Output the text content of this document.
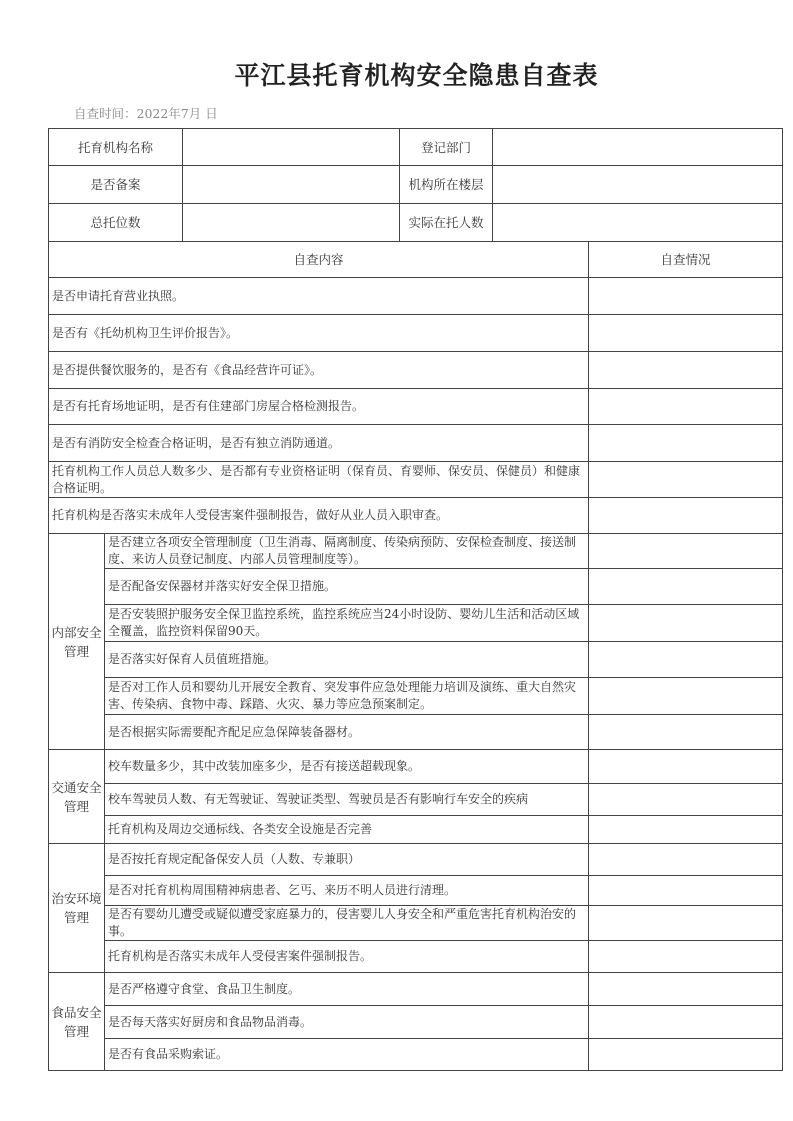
平江县托育机构安全隐患自查表
自查时间：2022年7月 日
托育机构名称			登记部门		
是否备案			机构所在楼层		
总托位数			实际在托人数		
自查内容					自查情况
是否申请托育营业执照。					
是否有《托幼机构卫生评价报告》。					
是否提供餐饮服务的，是否有《食品经营许可证》。					
是否有托育场地证明，是否有住建部门房屋合格检测报告。					
是否有消防安全检查合格证明，是否有独立消防通道。					
托育机构工作人员总人数多少、是否都有专业资格证明（保育员、育婴师、保安员、保健员）和健康合格证明。					
托育机构是否落实未成年人受侵害案件强制报告，做好从业人员入职审查。					
内部安全管理	是否建立各项安全管理制度（卫生消毒、隔离制度、传染病预防、安保检查制度、接送制度、来访人员登记制度、内部人员管理制度等）。				
	是否配备安保器材并落实好安全保卫措施。				
	是否安装照护服务安全保卫监控系统，监控系统应当24小时设防、婴幼儿生活和活动区域全覆盖，监控资料保留90天。				
	是否落实好保育人员值班措施。				
	是否对工作人员和婴幼儿开展安全教育、突发事件应急处理能力培训及演练、重大自然灾害、传染病、食物中毒、踩踏、火灾、暴力等应急预案制定。				
	是否根据实际需要配齐配足应急保障装备器材。				
交通安全管理	校车数量多少，其中改装加座多少，是否有接送超载现象。				
	校车驾驶员人数、有无驾驶证、驾驶证类型、驾驶员是否有影响行车安全的疾病				
	托育机构及周边交通标线、各类安全设施是否完善				
治安环境管理	是否按托育规定配备保安人员（人数、专兼职）				
	是否对托育机构周围精神病患者、乞丐、来历不明人员进行清理。				
	是否有婴幼儿遭受或疑似遭受家庭暴力的，侵害婴儿人身安全和严重危害托育机构治安的事。				
	托育机构是否落实未成年人受侵害案件强制报告。				
食品安全管理	是否严格遵守食堂、食品卫生制度。				
	是否每天落实好厨房和食品物品消毒。				
	是否有食品采购索证。				
